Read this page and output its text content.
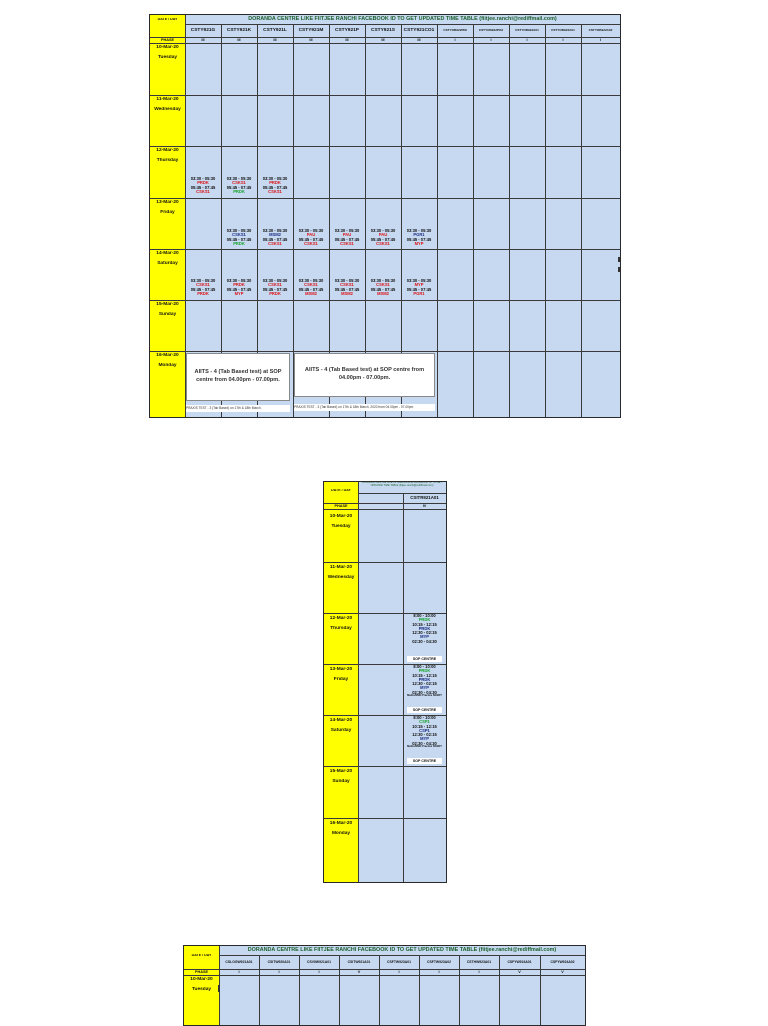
DORANDA CENTRE LIKE FIITJEE RANCHI FACEBOOK ID TO GET UPDATED TIME TABLE (fiitjee.ranchi@rediffmail.com)
DATE / DAY
PHASE
CSTY921G
III
CSTY921K
III
CSTY921L
III
CSTY921M
III
CSTY921P
III
CSTY921S
III
CSTY921CO1
III
CSTYOB922PNI
I
CSTYOB922PO2
I
CSTYOB922A01
I
CSTYOB922A01
I
CSTYOB922A02
I
10-Mar-20
Tuesday
11-Mar-20
Wednesday
12-Mar-20
Thursday
13-Mar-20
Friday
14-Mar-20
Saturday
15-Mar-20
Sunday
16-Mar-20
Monday
03:30 - 05:30
PRDK
05:45 - 07:45
CSKS1
03:30 - 05:30
CSKS1
05:45 - 07:45
PRDK
03:30 - 05:30
PRDK
05:45 - 07:45
CSKS1
03:30 - 05:30
CSKS1
05:45 - 07:45
PRDK
03:30 - 05:30
MSM2
05:45 - 07:45
CSKS1
03:30 - 05:30
PAU
05:45 - 07:45
CSKS1
03:30 - 05:30
PAU
05:45 - 07:45
CSKS1
03:30 - 05:30
PAU
05:45 - 07:45
CSKS1
03:30 - 05:30
PGR1
05:45 - 07:45
MYP
03:30 - 05:30
CSKS1
05:45 - 07:45
PRDK
03:30 - 05:30
PRDK
05:45 - 07:45
MYP
03:30 - 05:30
CSKS1
05:45 - 07:45
PRDK
03:30 - 05:30
CSKS1
05:45 - 07:45
MSM2
03:30 - 05:30
CSKS1
05:45 - 07:45
MSM2
03:30 - 05:30
CSKS1
05:45 - 07:45
MSM2
03:30 - 05:30
MYP
05:45 - 07:45
PGR1
AIITS - 4 (Tab Based test) at SOP centre from 04.00pm - 07.00pm.
AIITS - 4 (Tab Based test) at SOP centre from 04.00pm - 07.00pm.
PRAXIS TEST - 3 (Tab Based) on 17th & 18th March.	PRAXIS TEST - 3 (Tab Based) on 17th & 18th March, 2020 from 04.00pm - 07.00pm
DORANDA CENTRE LIKE FIITJEE RANCHI FACEBOOK ID TO GET UPDATED TIME TABLE (fiitjee.ranchi@rediffmail.com)
DATE / DAY
CSITR921A01
PHASE	IV
10-Mar-20
Tuesday
11-Mar-20
Wednesday
12-Mar-20
Thursday
13-Mar-20
Friday
14-Mar-20
Saturday
15-Mar-20
Sunday
16-Mar-20
Monday
8:00 - 10:00
PRDK
10:15 - 12:15
PRDK
12:30 - 02:15
MYP
02:30 - 04:30
SOP CENTRE
8:00 - 10:00
PRDK
10:15 - 12:15
PRDK
12:30 - 02:15
MYP
02:30 - 04:30
Maths/NMO Practice NCERT
SOP CENTRE
8:00 - 10:00
CSP1
10:15 - 12:15
CSP1
12:30 - 02:15
MYP
02:30 - 04:30
Maths/NMO Practice NCERT
SOP CENTRE
DORANDA CENTRE LIKE FIITJEE RANCHI FACEBOOK ID TO GET UPDATED TIME TABLE (fiitjee.ranchi@rediffmail.com)
DATE / DAY
PHASE
CSLOGW921A01
I
CSITW920A01
I
CSVIIW921A01
I
CSITW921A01
V
CSFTW923A01
I
CSFTW923A02
I
CSTHW923A01
I
CSFYW924A01
V
CSFYW924A02
V
10-Mar-20
Tuesday
